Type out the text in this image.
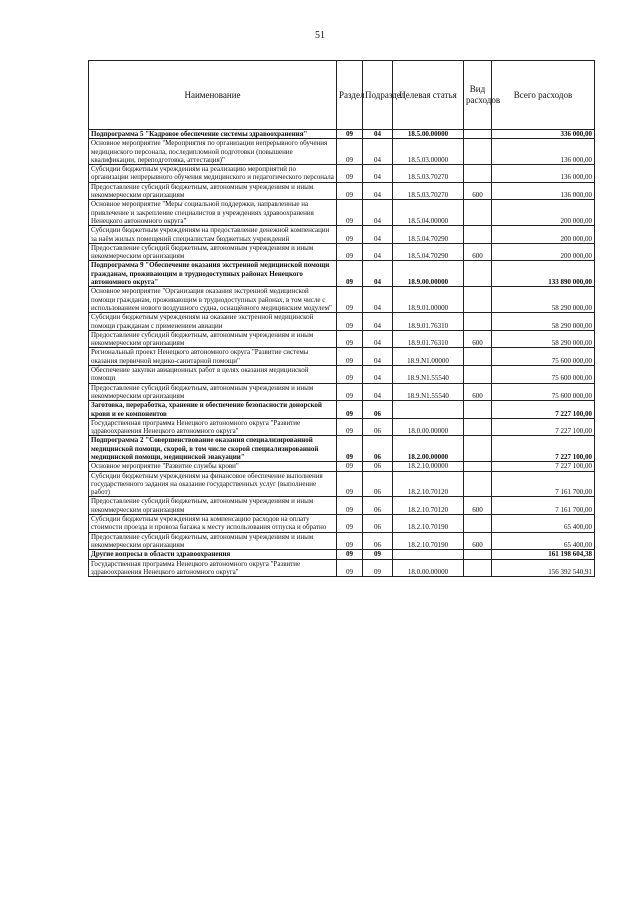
51
Наименование	Раздел	Подраздел	Целевая статья	Вид расходов	Всего расходов
Подпрограмма 5 "Кадровое обеспечение системы здравоохранения"	09	04	18.5.00.00000		336 000,00
Основное мероприятие "Мероприятия по организации непрерывного обучения медицинского персонала, последипломной подготовки (повышение квалификации, переподготовка, аттестация)"	09	04	18.5.03.00000		136 000,00
Субсидии бюджетным учреждениям на реализацию мероприятий по организации непрерывного обучения медицинского и педагогического персонала	09	04	18.5.03.70270		136 000,00
Предоставление субсидий бюджетным, автономным учреждениям и иным некоммерческим организациям	09	04	18.5.03.70270	600	136 000,00
Основное мероприятие "Меры социальной поддержки, направленные на привлечение и закрепление специалистов в учреждениях здравоохранения Ненецкого автономного округа"	09	04	18.5.04.00000		200 000,00
Субсидии бюджетным учреждениям на предоставление денежной компенсации за наём жилых помещений специалистам бюджетных учреждений	09	04	18.5.04.70290		200 000,00
Предоставление субсидий бюджетным, автономным учреждениям и иным некоммерческим организациям	09	04	18.5.04.70290	600	200 000,00
Подпрограмма 9 "Обеспечение оказания экстренной медицинской помощи гражданам, проживающим в труднодоступных районах Ненецкого автономного округа"	09	04	18.9.00.00000		133 890 000,00
Основное мероприятие "Организация оказания экстренной медицинской помощи гражданам, проживающим в труднодоступных районах, в том числе с использованием нового воздушного судна, оснащённого медицинским модулем"	09	04	18.9.01.00000		58 290 000,00
Субсидии бюджетным учреждениям на оказание экстренной медицинской помощи гражданам с применением авиации	09	04	18.9.01.76310		58 290 000,00
Предоставление субсидий бюджетным, автономным учреждениям и иным некоммерческим организациям	09	04	18.9.01.76310	600	58 290 000,00
Региональный проект Ненецкого автономного округа "Развитие системы оказания первичной медико-санитарной помощи"	09	04	18.9.N1.00000		75 600 000,00
Обеспечение закупки авиационных работ в целях оказания медицинской помощи	09	04	18.9.N1.55540		75 600 000,00
Предоставление субсидий бюджетным, автономным учреждениям и иным некоммерческим организациям	09	04	18.9.N1.55540	600	75 600 000,00
Заготовка, переработка, хранение и обеспечение безопасности донорской крови и ее компонентов	09	06			7 227 100,00
Государственная программа Ненецкого автономного округа "Развитие здравоохранения Ненецкого автономного округа"	09	06	18.0.00.00000		7 227 100,00
Подпрограмма 2 "Совершенствование оказания специализированной медицинской помощи, скорой, в том числе скорой специализированной медицинской помощи, медицинской эвакуации"	09	06	18.2.00.00000		7 227 100,00
Основное мероприятие "Развитие службы крови"	09	06	18.2.10.00000		7 227 100,00
Субсидии бюджетным учреждениям на финансовое обеспечение выполнения государственного задания на оказание государственных услуг (выполнение работ)	09	06	18.2.10.70120		7 161 700,00
Предоставление субсидий бюджетным, автономным учреждениям и иным некоммерческим организациям	09	06	18.2.10.70120	600	7 161 700,00
Субсидии бюджетным учреждениям на компенсацию расходов на оплату стоимости проезда и провоза багажа к месту использования отпуска и обратно	09	06	18.2.10.70190		65 400,00
Предоставление субсидий бюджетным, автономным учреждениям и иным некоммерческим организациям	09	06	18.2.10.70190	600	65 400,00
Другие вопросы в области здравоохранения	09	09			161 198 604,38
Государственная программа Ненецкого автономного округа "Развитие здравоохранения Ненецкого автономного округа"	09	09	18.0.00.00000		156 392 540,91
